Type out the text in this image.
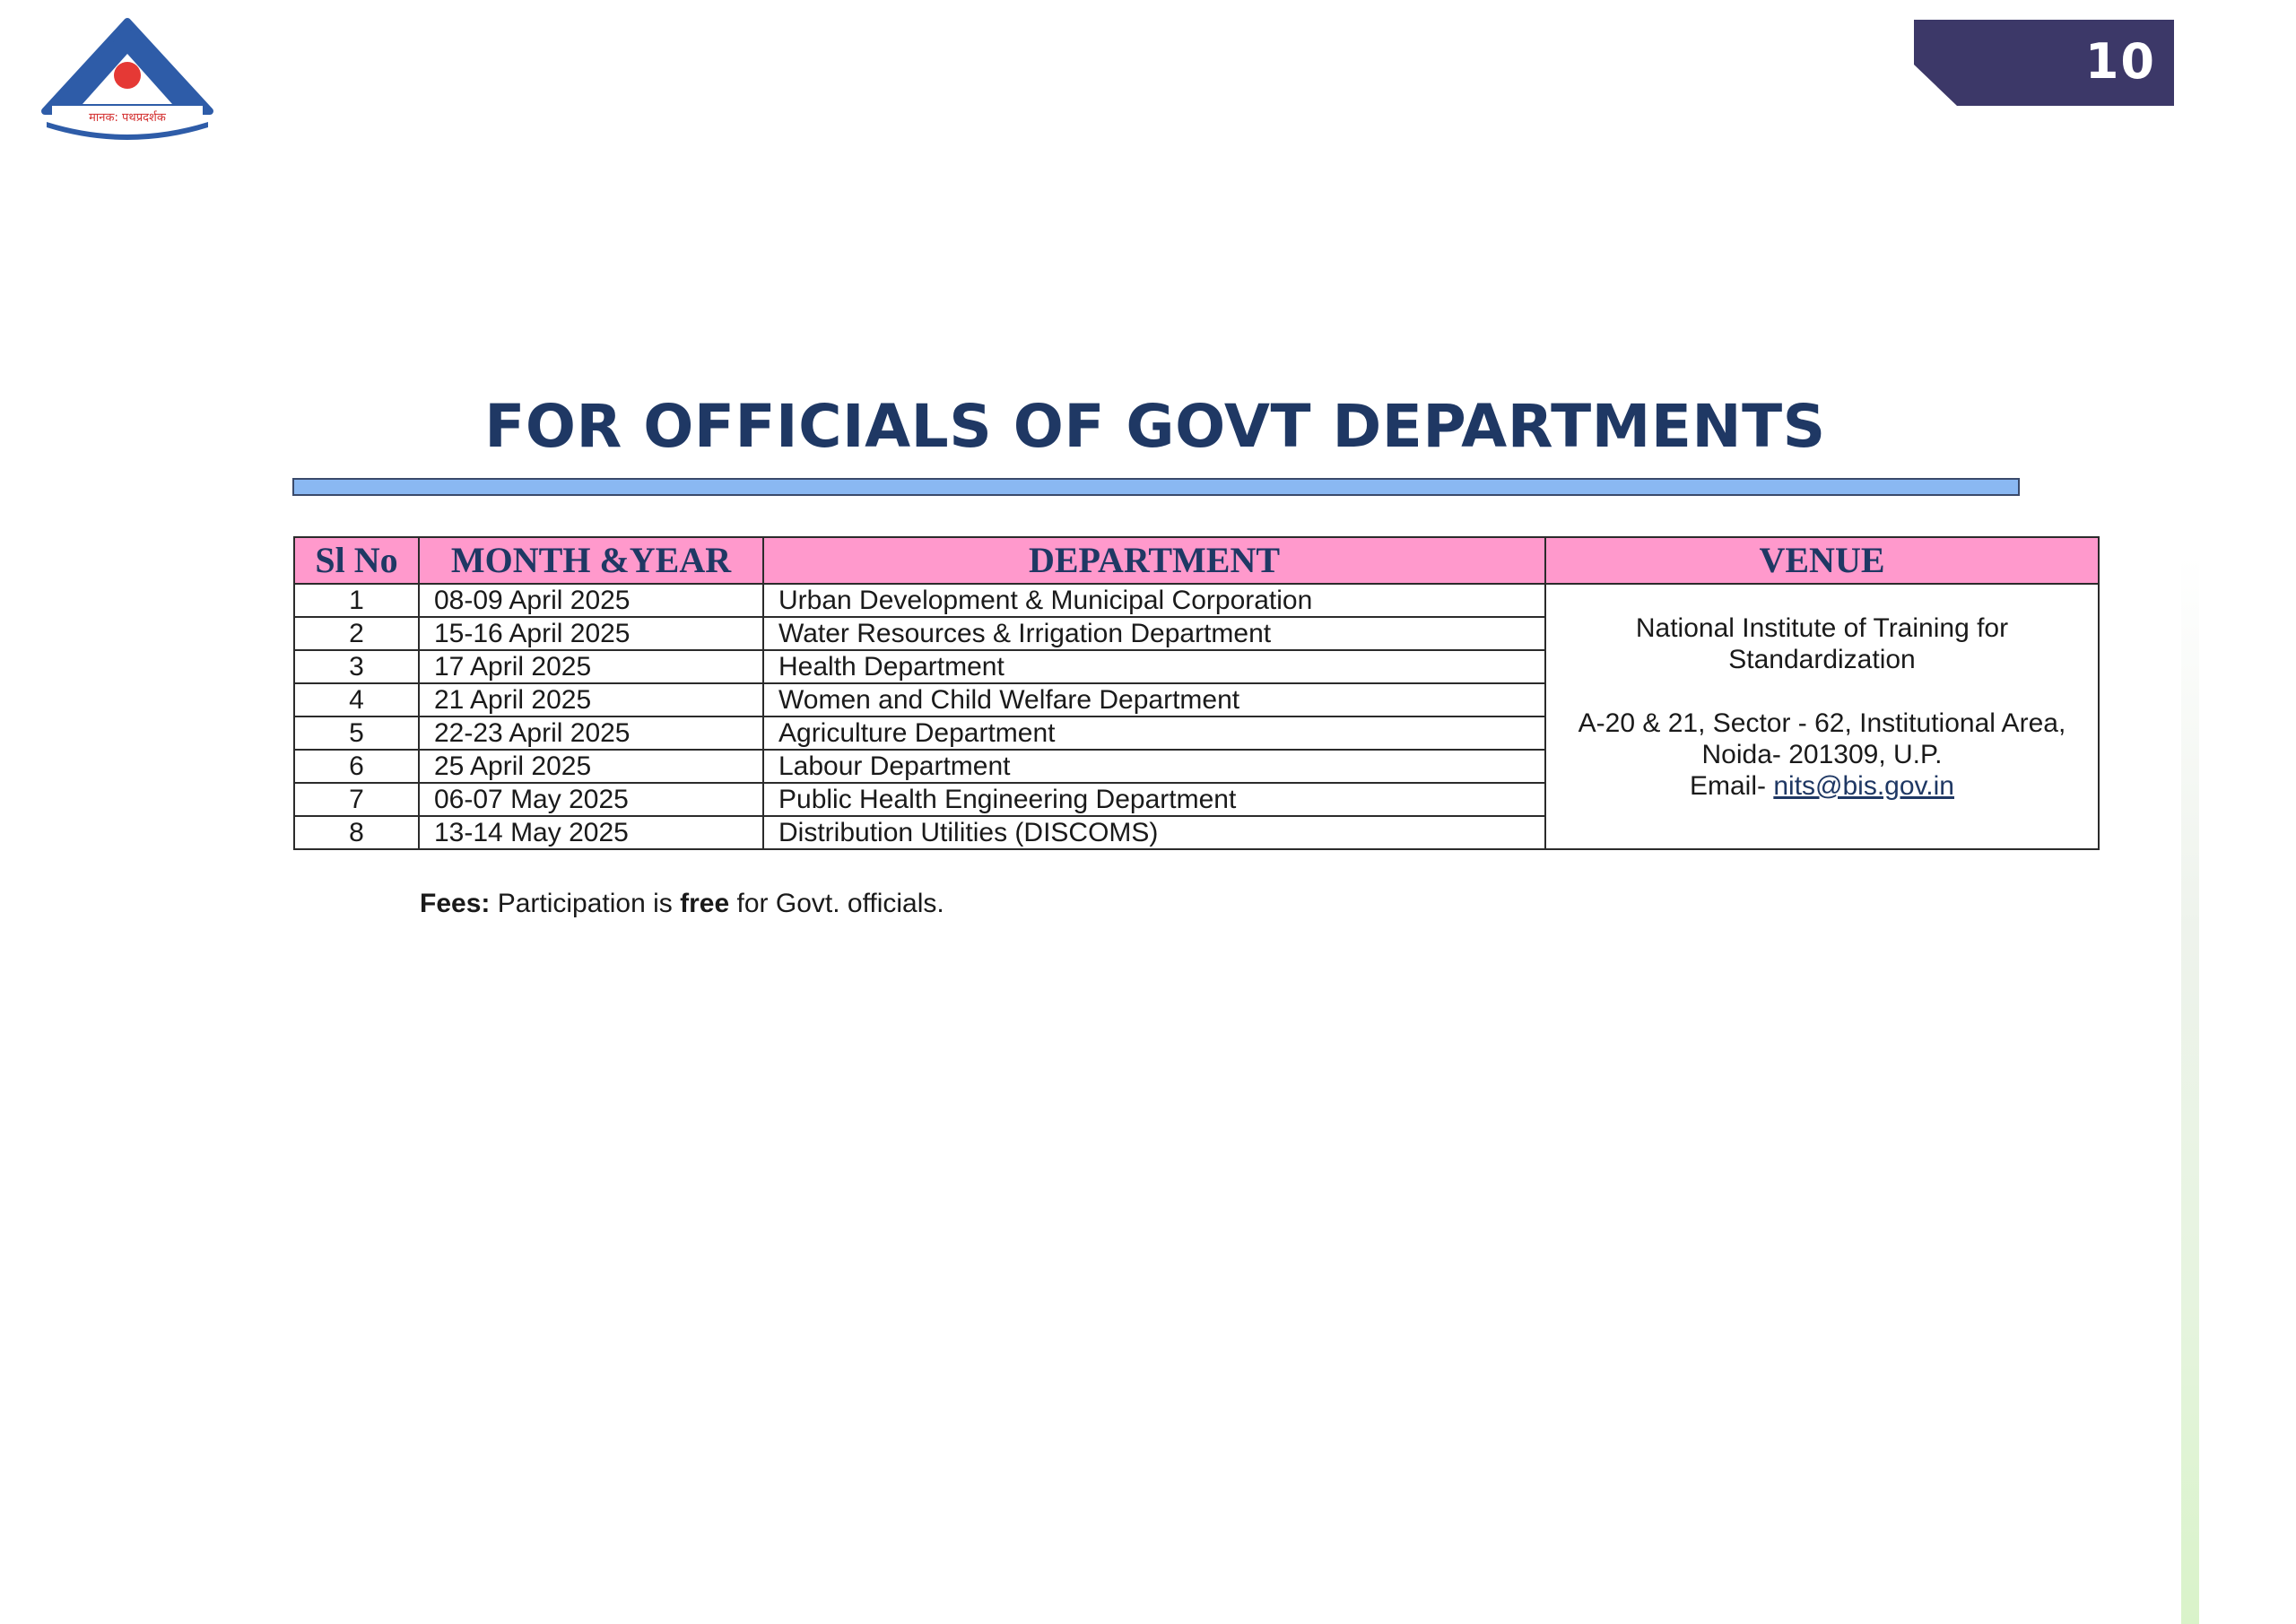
मानक: पथप्रदर्शक
10
FOR OFFICIALS OF GOVT DEPARTMENTS
Sl No	MONTH &YEAR	DEPARTMENT	VENUE
1	08-09 April 2025	Urban Development & Municipal Corporation	National Institute of Training for
Standardization
A-20 & 21, Sector - 62, Institutional Area,
Noida- 201309, U.P.
Email- nits@bis.gov.in

2	15-16 April 2025	Water Resources & Irrigation Department	
3	17 April 2025	Health Department	
4	21 April 2025	Women and Child Welfare Department	
5	22-23 April 2025	Agriculture Department	
6	25 April 2025	Labour Department	
7	06-07 May 2025	Public Health Engineering Department	
8	13-14 May 2025	Distribution Utilities (DISCOMS)	
Fees: Participation is free for Govt. officials.
